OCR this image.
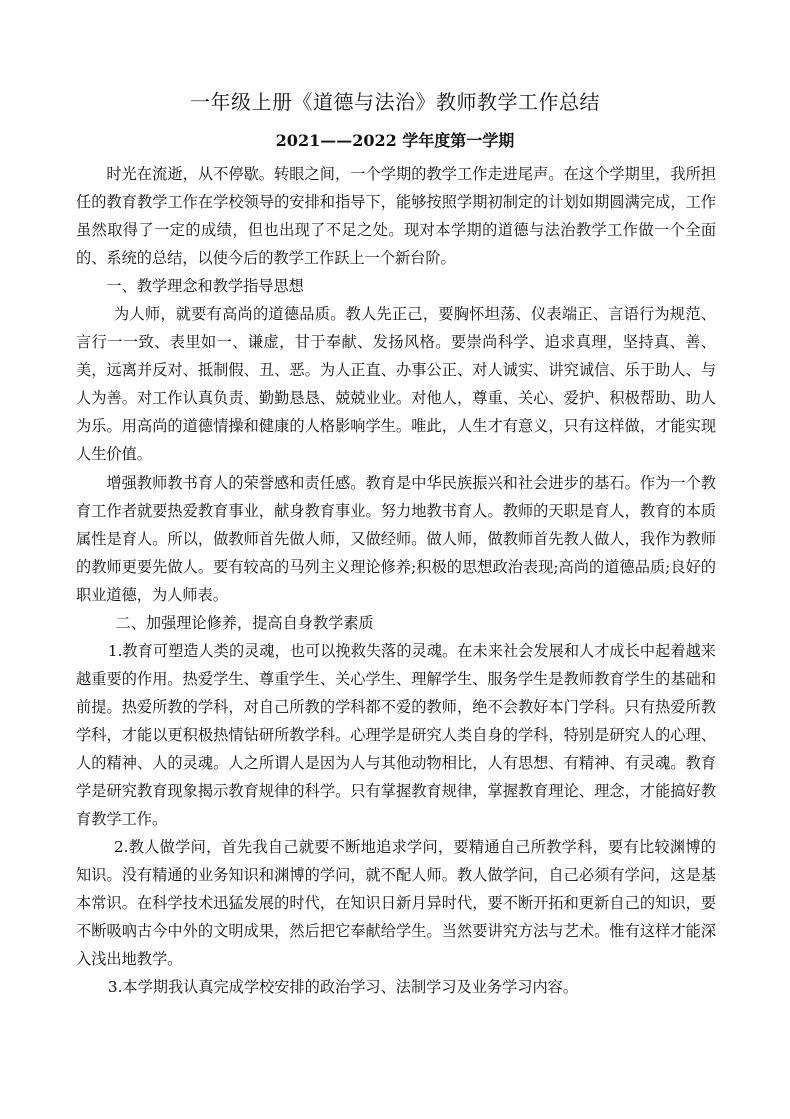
一年级上册《道德与法治》教师教学工作总结
2021——2022 学年度第一学期

时光在流逝，从不停歇。转眼之间，一个学期的教学工作走进尾声。在这个学期里，我所担任的教育教学工作在学校领导的安排和指导下，能够按照学期初制定的计划如期圆满完成，工作虽然取得了一定的成绩，但也出现了不足之处。现对本学期的道德与法治教学工作做一个全面的、系统的总结，以使今后的教学工作跃上一个新台阶。

一、教学理念和教学指导思想

为人师，就要有高尚的道德品质。教人先正己，要胸怀坦荡、仪表端正、言语行为规范、言行一一致、表里如一、谦虚，甘于奉献、发扬风格。要崇尚科学、追求真理，坚持真、善、美，远离并反对、抵制假、丑、恶。为人正直、办事公正、对人诚实、讲究诚信、乐于助人、与人为善。对工作认真负责、勤勤恳恳、兢兢业业。对他人，尊重、关心、爱护、积极帮助、助人为乐。用高尚的道德情操和健康的人格影响学生。唯此，人生才有意义，只有这样做，才能实现人生价值。

增强教师教书育人的荣誉感和责任感。教育是中华民族振兴和社会进步的基石。作为一个教育工作者就要热爱教育事业，献身教育事业。努力地教书育人。教师的天职是育人，教育的本质属性是育人。所以，做教师首先做人师，又做经师。做人师，做教师首先教人做人，我作为教师的教师更要先做人。要有较高的马列主义理论修养;积极的思想政治表现;高尚的道德品质;良好的职业道德，为人师表。

二、加强理论修养，提高自身教学素质

1.教育可塑造人类的灵魂，也可以挽救失落的灵魂。在未来社会发展和人才成长中起着越来越重要的作用。热爱学生、尊重学生、关心学生、理解学生、服务学生是教师教育学生的基础和前提。热爱所教的学科，对自己所教的学科都不爱的教师，绝不会教好本门学科。只有热爱所教学科，才能以更积极热情钻研所教学科。心理学是研究人类自身的学科，特别是研究人的心理、人的精神、人的灵魂。人之所谓人是因为人与其他动物相比，人有思想、有精神、有灵魂。教育学是研究教育现象揭示教育规律的科学。只有掌握教育规律，掌握教育理论、理念，才能搞好教育教学工作。

2.教人做学问，首先我自己就要不断地追求学问，要精通自己所教学科，要有比较渊博的知识。没有精通的业务知识和渊博的学问，就不配人师。教人做学问，自己必须有学问，这是基本常识。在科学技术迅猛发展的时代，在知识日新月异时代，要不断开拓和更新自己的知识，要不断吸吶古今中外的文明成果，然后把它奉献给学生。当然要讲究方法与艺术。惟有这样才能深入浅出地教学。

3.本学期我认真完成学校安排的政治学习、法制学习及业务学习内容。
